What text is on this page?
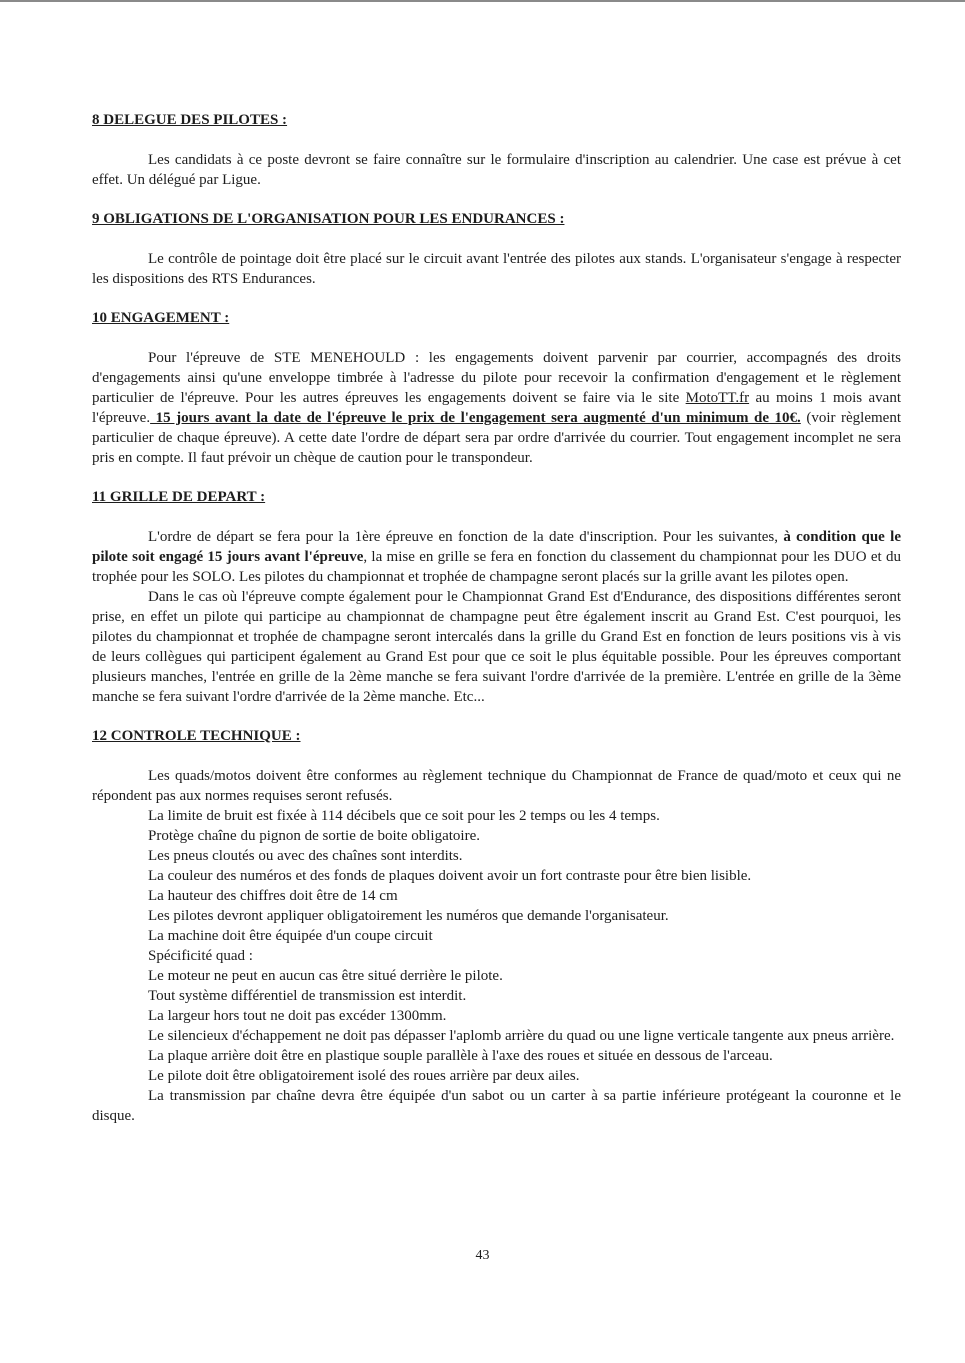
8 DELEGUE DES PILOTES :

Les candidats à ce poste devront se faire connaître sur le formulaire d'inscription au calendrier. Une case est prévue à cet effet. Un délégué par Ligue.

9 OBLIGATIONS DE L'ORGANISATION POUR LES ENDURANCES :

Le contrôle de pointage doit être placé sur le circuit avant l'entrée des pilotes aux stands. L'organisateur s'engage à respecter les dispositions des RTS Endurances.

10 ENGAGEMENT :

Pour l'épreuve de STE MENEHOULD : les engagements doivent parvenir par courrier, accompagnés des droits d'engagements ainsi qu'une enveloppe timbrée à l'adresse du pilote pour recevoir la confirmation d'engagement et le règlement particulier de l'épreuve. Pour les autres épreuves les engagements doivent se faire via le site MotoTT.fr au moins 1 mois avant l'épreuve. 15 jours avant la date de l'épreuve le prix de l'engagement sera augmenté d'un minimum de 10€. (voir règlement particulier de chaque épreuve). A cette date l'ordre de départ sera par ordre d'arrivée du courrier. Tout engagement incomplet ne sera pris en compte. Il faut prévoir un chèque de caution pour le transpondeur.

11 GRILLE DE DEPART :

L'ordre de départ se fera pour la 1ère épreuve en fonction de la date d'inscription. Pour les suivantes, à condition que le pilote soit engagé 15 jours avant l'épreuve, la mise en grille se fera en fonction du classement du championnat pour les DUO et du trophée pour les SOLO. Les pilotes du championnat et trophée de champagne seront placés sur la grille avant les pilotes open.

Dans le cas où l'épreuve compte également pour le Championnat Grand Est d'Endurance, des dispositions différentes seront prise, en effet un pilote qui participe au championnat de champagne peut être également inscrit au Grand Est. C'est pourquoi, les pilotes du championnat et trophée de champagne seront intercalés dans la grille du Grand Est en fonction de leurs positions vis à vis de leurs collègues qui participent également au Grand Est pour que ce soit le plus équitable possible. Pour les épreuves comportant plusieurs manches, l'entrée en grille de la 2ème manche se fera suivant l'ordre d'arrivée de la première. L'entrée en grille de la 3ème manche se fera suivant l'ordre d'arrivée de la 2ème manche. Etc...

12 CONTROLE TECHNIQUE :

Les quads/motos doivent être conformes au règlement technique du Championnat de France de quad/moto et ceux qui ne répondent pas aux normes requises seront refusés.

La limite de bruit est fixée à 114 décibels que ce soit pour les 2 temps ou les 4 temps.

Protège chaîne du pignon de sortie de boite obligatoire.

Les pneus cloutés ou avec des chaînes sont interdits.

La couleur des numéros et des fonds de plaques doivent avoir un fort contraste pour être bien lisible.

La hauteur des chiffres doit être de 14 cm

Les pilotes devront appliquer obligatoirement les numéros que demande l'organisateur.

La machine doit être équipée d'un coupe circuit

Spécificité quad :

Le moteur ne peut en aucun cas être situé derrière le pilote.

Tout système différentiel de transmission est interdit.

La largeur hors tout ne doit pas excéder 1300mm.

Le silencieux d'échappement ne doit pas dépasser l'aplomb arrière du quad ou une ligne verticale tangente aux pneus arrière.

La plaque arrière doit être en plastique souple parallèle à l'axe des roues et située en dessous de l'arceau.

Le pilote doit être obligatoirement isolé des roues arrière par deux ailes.

La transmission par chaîne devra être équipée d'un sabot ou un carter à sa partie inférieure protégeant la couronne et le disque.

43
